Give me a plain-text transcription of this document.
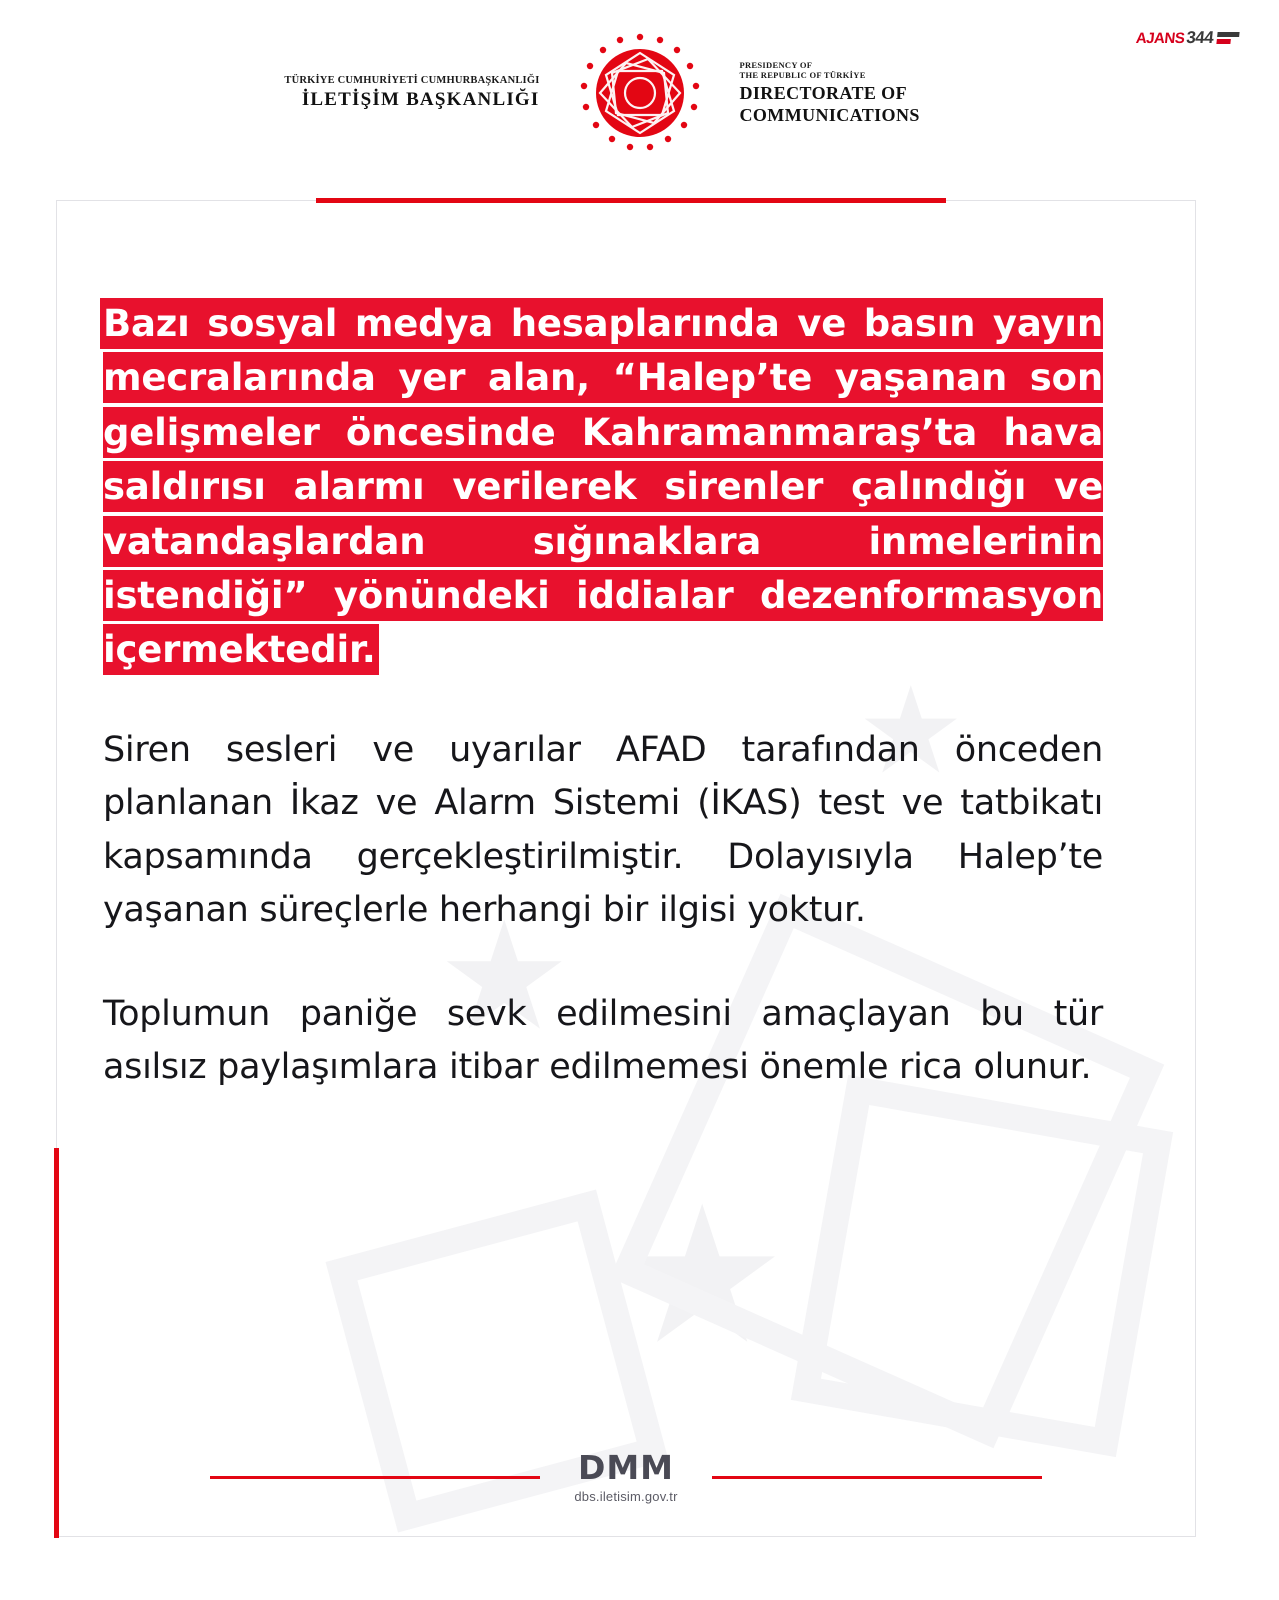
TÜRKİYE CUMHURİYETİ CUMHURBAŞKANLIĞI
İLETİŞİM BAŞKANLIĞI
PRESIDENCY OF
THE REPUBLIC OF TÜRKİYE
DIRECTORATE OF
COMMUNICATIONS
AJANS 344
★
★
★
Bazı sosyal medya hesaplarında ve basın yayın mecralarında yer alan, “Halep’te yaşanan son gelişmeler öncesinde Kahramanmaraş’ta hava saldırısı alarmı verilerek sirenler çalındığı ve vatandaşlardan sığınaklara inmelerinin istendiği” yönündeki iddialar dezenformasyon içermektedir.
Siren sesleri ve uyarılar AFAD tarafından önceden planlanan İkaz ve Alarm Sistemi (İKAS) test ve tatbikatı kapsamında gerçekleştirilmiştir. Dolayısıyla Halep’te yaşanan süreçlerle herhangi bir ilgisi yoktur.
Toplumun paniğe sevk edilmesini amaçlayan bu tür asılsız paylaşımlara itibar edilmemesi önemle rica olunur.
DMM
dbs.iletisim.gov.tr
